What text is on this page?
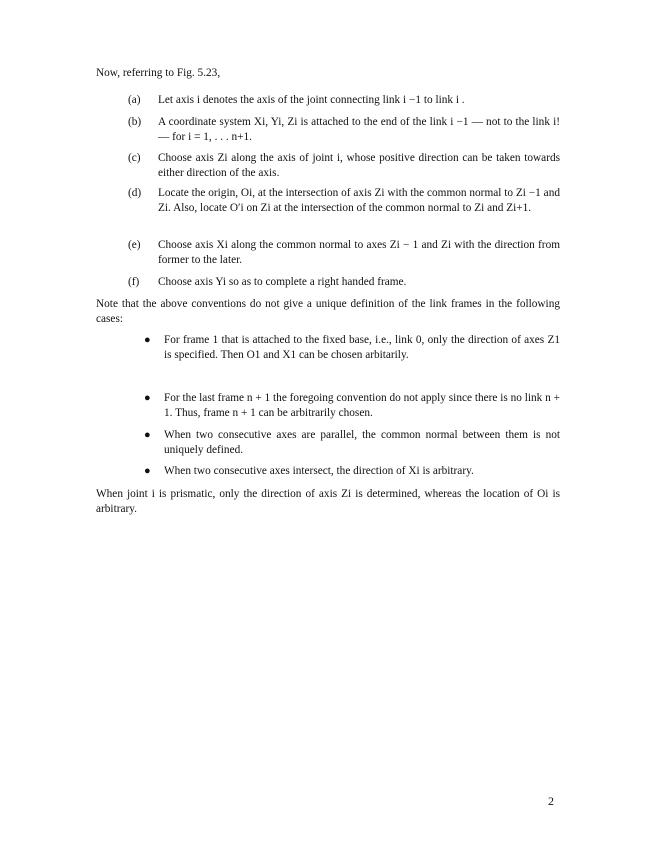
Now, referring to Fig. 5.23,
(a) Let axis i denotes the axis of the joint connecting link i −1 to link i .
(b) A coordinate system Xi, Yi, Zi is attached to the end of the link i −1 — not to the link i! — for i = 1, . . . n+1.
(c) Choose axis Zi along the axis of joint i, whose positive direction can be taken towards either direction of the axis.
(d) Locate the origin, Oi, at the intersection of axis Zi with the common normal to Zi −1 and Zi. Also, locate O′i on Zi at the intersection of the common normal to Zi and Zi+1.
(e) Choose axis Xi along the common normal to axes Zi − 1 and Zi with the direction from former to the later.
(f) Choose axis Yi so as to complete a right handed frame.
Note that the above conventions do not give a unique definition of the link frames in the following cases:
● For frame 1 that is attached to the fixed base, i.e., link 0, only the direction of axes Z1 is specified. Then O1 and X1 can be chosen arbitarily.
● For the last frame n + 1 the foregoing convention do not apply since there is no link n + 1. Thus, frame n + 1 can be arbitrarily chosen.
● When two consecutive axes are parallel, the common normal between them is not uniquely defined.
● When two consecutive axes intersect, the direction of Xi is arbitrary.
When joint i is prismatic, only the direction of axis Zi is determined, whereas the location of Oi is arbitrary.
2
